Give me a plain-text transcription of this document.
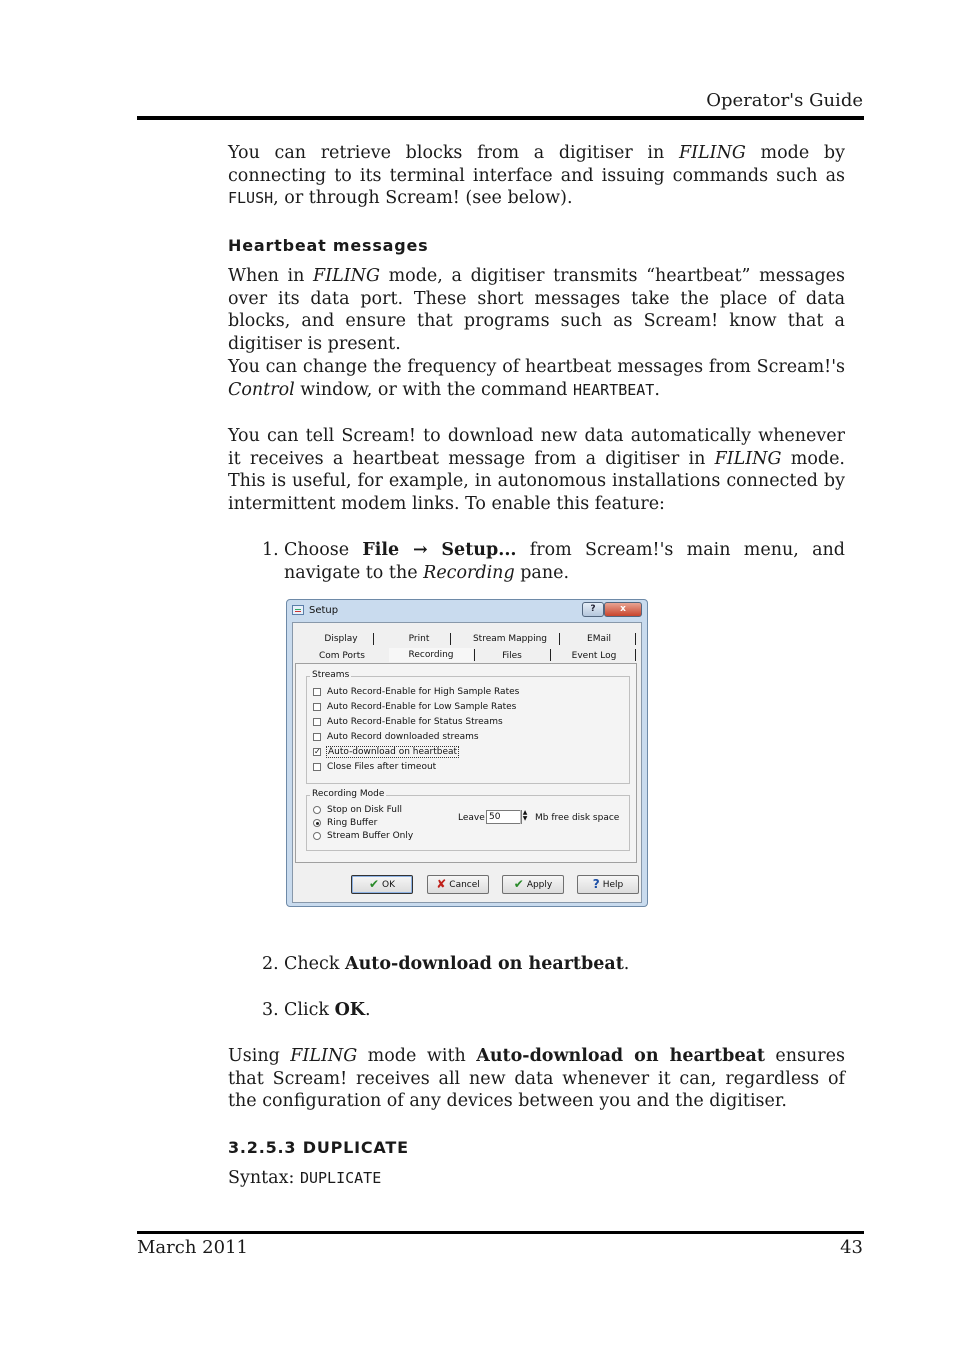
Operator's Guide
You can retrieve blocks from a digitiser in FILING mode by connecting to its terminal interface and issuing commands such as FLUSH, or through Scream! (see below).
Heartbeat messages
When in FILING mode, a digitiser transmits “heartbeat” messages over its data port. These short messages take the place of data blocks, and ensure that programs such as Scream! know that a digitiser is present.
You can change the frequency of heartbeat messages from Scream!'s Control window, or with the command HEARTBEAT.
You can tell Scream! to download new data automatically whenever it receives a heartbeat message from a digitiser in FILING mode. This is useful, for example, in autonomous installations connected by intermittent modem links. To enable this feature:
1. Choose File → Setup... from Scream!'s main menu, and navigate to the Recording pane.
Setup	?	x
Display	Print	Stream Mapping	EMail
Com Ports	Recording	Files	Event Log
Streams
Auto Record-Enable for High Sample Rates
Auto Record-Enable for Low Sample Rates
Auto Record-Enable for Status Streams
Auto Record downloaded streams
✓ Auto-download on heartbeat
Close Files after timeout
Recording Mode
Stop on Disk Full
Ring Buffer
Stream Buffer Only
Leave 50	▲
▼ Mb free disk space
✔ OK	✘ Cancel	✔ Apply	? Help
2. Check Auto-download on heartbeat.
3. Click OK.
Using FILING mode with Auto-download on heartbeat ensures that Scream! receives all new data whenever it can, regardless of the configuration of any devices between you and the digitiser.
3.2.5.3 DUPLICATE
Syntax: DUPLICATE
March 2011	43
